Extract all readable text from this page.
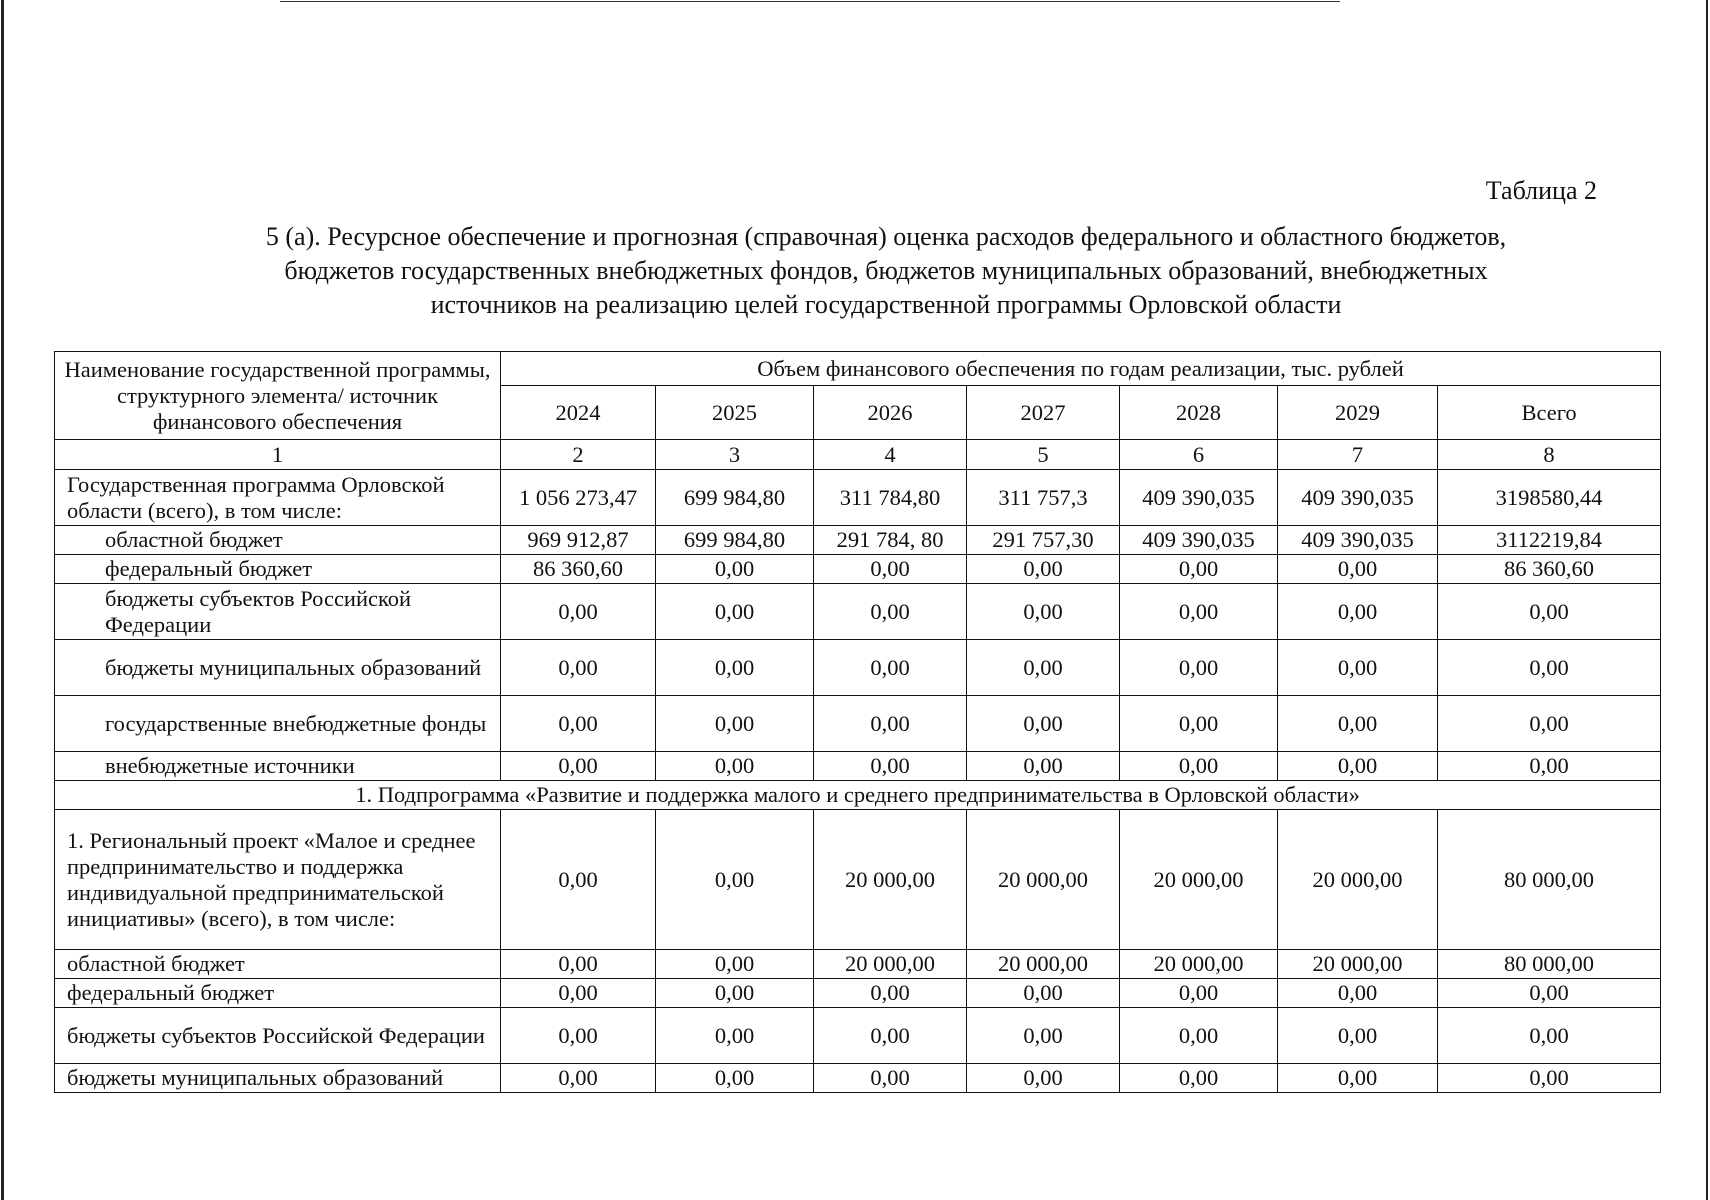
Таблица 2
5 (а). Ресурсное обеспечение и прогнозная (справочная) оценка расходов федерального и областного бюджетов,
бюджетов государственных внебюджетных фондов, бюджетов муниципальных образований, внебюджетных
источников на реализацию целей государственной программы Орловской области
Наименование государственной программы, структурного элемента/ источник финансового обеспечения	Объем финансового обеспечения по годам реализации, тыс. рублей						
	2024	2025	2026	2027	2028	2029	Всего
1	2	3	4	5	6	7	8
Государственная программа Орловской области (всего), в том числе:	1 056 273,47	699 984,80	311 784,80	311 757,3	409 390,035	409 390,035	3198580,44
областной бюджет	969 912,87	699 984,80	291 784, 80	291 757,30	409 390,035	409 390,035	3112219,84
федеральный бюджет	86 360,60	0,00	0,00	0,00	0,00	0,00	86 360,60
бюджеты субъектов Российской Федерации	0,00	0,00	0,00	0,00	0,00	0,00	0,00
бюджеты муниципальных образований	0,00	0,00	0,00	0,00	0,00	0,00	0,00
государственные внебюджетные фонды	0,00	0,00	0,00	0,00	0,00	0,00	0,00
внебюджетные источники	0,00	0,00	0,00	0,00	0,00	0,00	0,00
1. Подпрограмма «Развитие и поддержка малого и среднего предпринимательства в Орловской области»							
1. Региональный проект «Малое и среднее предпринимательство и поддержка индивидуальной предпринимательской инициативы» (всего), в том числе:	0,00	0,00	20 000,00	20 000,00	20 000,00	20 000,00	80 000,00
областной бюджет	0,00	0,00	20 000,00	20 000,00	20 000,00	20 000,00	80 000,00
федеральный бюджет	0,00	0,00	0,00	0,00	0,00	0,00	0,00
бюджеты субъектов Российской Федерации	0,00	0,00	0,00	0,00	0,00	0,00	0,00
бюджеты муниципальных образований	0,00	0,00	0,00	0,00	0,00	0,00	0,00
